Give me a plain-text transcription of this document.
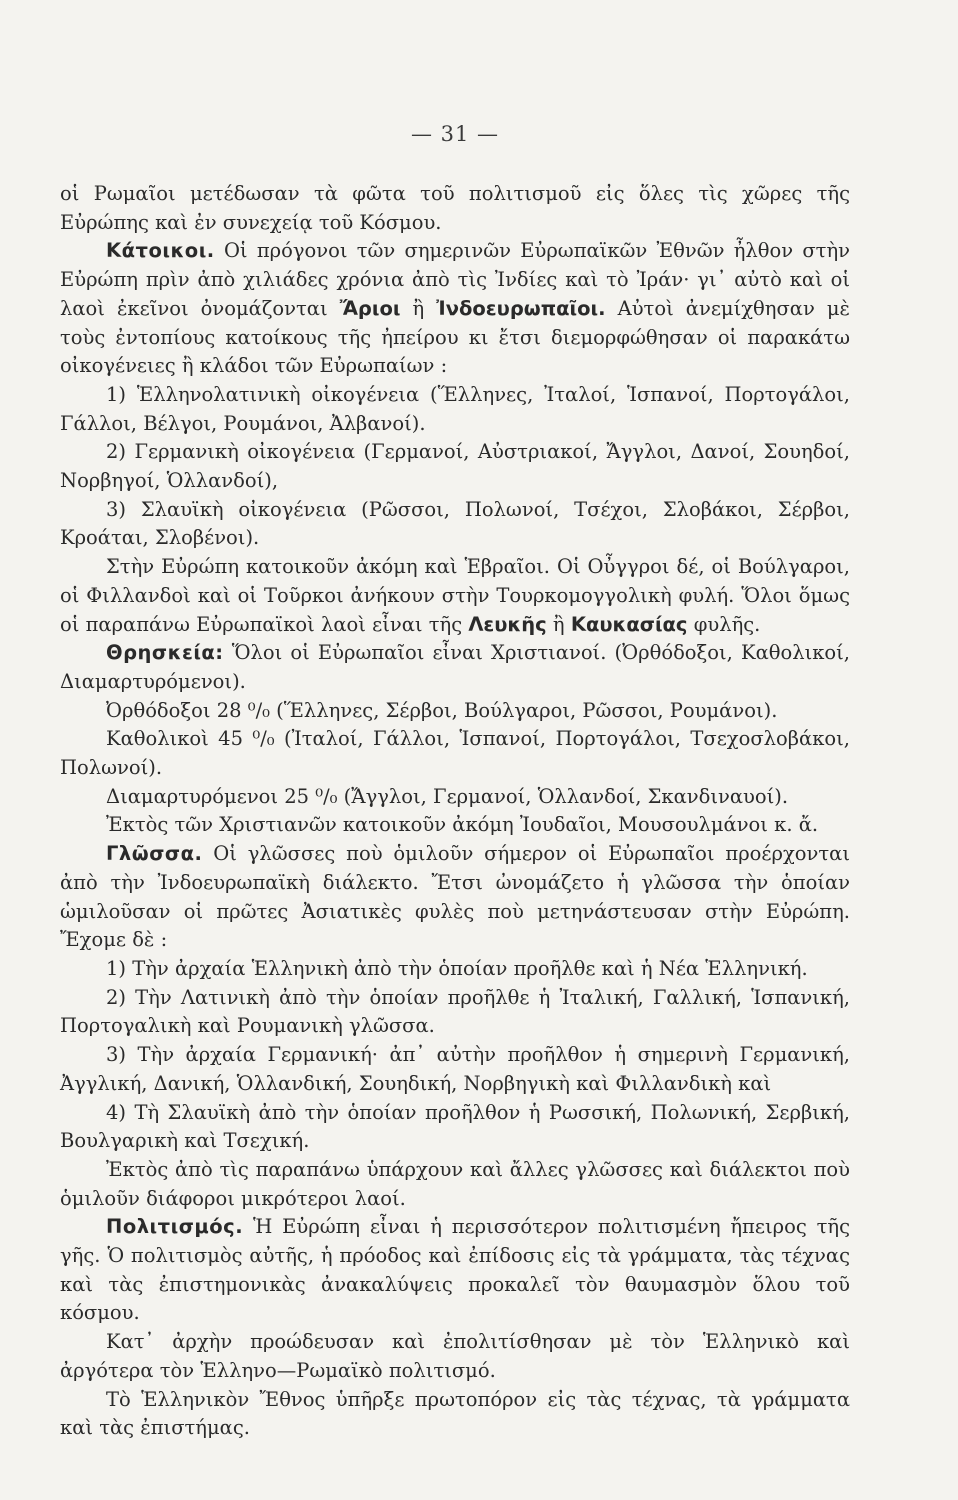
— 31 —

οἱ Ρωμαῖοι μετέδωσαν τὰ φῶτα τοῦ πολιτισμοῦ εἰς ὅλες τὶς χῶρες τῆς Εὐρώπης καὶ ἐν συνεχείᾳ τοῦ Κόσμου.

Κάτοικοι. Οἱ πρόγονοι τῶν σημερινῶν Εὐρωπαϊκῶν Ἐθνῶν ἦλθον στὴν Εὐρώπη πρὶν ἀπὸ χιλιάδες χρόνια ἀπὸ τὶς Ἰνδίες καὶ τὸ Ἰράν· γι᾽ αὐτὸ καὶ οἱ λαοὶ ἐκεῖνοι ὀνομάζονται Ἄριοι ἢ Ἰνδοευρωπαῖοι. Αὐτοὶ ἀνεμίχθησαν μὲ τοὺς ἐντοπίους κατοίκους τῆς ἠπείρου κι ἔτσι διεμορφώθησαν οἱ παρακάτω οἰκογένειες ἢ κλάδοι τῶν Εὐρωπαίων :

1) Ἑλληνολατινικὴ οἰκογένεια (Ἕλληνες, Ἰταλοί, Ἱσπανοί, Πορτογάλοι, Γάλλοι, Βέλγοι, Ρουμάνοι, Ἀλβανοί).

2) Γερμανικὴ οἰκογένεια (Γερμανοί, Αὐστριακοί, Ἄγγλοι, Δανοί, Σουηδοί, Νορβηγοί, Ὁλλανδοί),

3) Σλαυϊκὴ οἰκογένεια (Ρῶσσοι, Πολωνοί, Τσέχοι, Σλοβάκοι, Σέρβοι, Κροάται, Σλοβένοι).

Στὴν Εὐρώπη κατοικοῦν ἀκόμη καὶ Ἑβραῖοι. Οἱ Οὖγγροι δέ, οἱ Βούλγαροι, οἱ Φιλλανδοὶ καὶ οἱ Τοῦρκοι ἀνήκουν στὴν Τουρκομογγολικὴ φυλή. Ὅλοι ὅμως οἱ παραπάνω Εὐρωπαϊκοὶ λαοὶ εἶναι τῆς Λευκῆς ἢ Καυκασίας φυλῆς.

Θρησκεία: Ὅλοι οἱ Εὐρωπαῖοι εἶναι Χριστιανοί. (Ὀρθόδοξοι, Καθολικοί, Διαμαρτυρόμενοι).

Ὀρθόδοξοι 28 ⁰/₀ (Ἕλληνες, Σέρβοι, Βούλγαροι, Ρῶσσοι, Ρουμάνοι).

Καθολικοὶ 45 ⁰/₀ (Ἰταλοί, Γάλλοι, Ἱσπανοί, Πορτογάλοι, Τσεχοσλοβάκοι, Πολωνοί).

Διαμαρτυρόμενοι 25 ⁰/₀ (Ἄγγλοι, Γερμανοί, Ὁλλανδοί, Σκανδιναυοί).

Ἐκτὸς τῶν Χριστιανῶν κατοικοῦν ἀκόμη Ἰουδαῖοι, Μουσουλμάνοι κ. ἄ.

Γλῶσσα. Οἱ γλῶσσες ποὺ ὁμιλοῦν σήμερον οἱ Εὐρωπαῖοι προέρχονται ἀπὸ τὴν Ἰνδοευρωπαϊκὴ διάλεκτο. Ἔτσι ὠνομάζετο ἡ γλῶσσα τὴν ὁποίαν ὡμιλοῦσαν οἱ πρῶτες Ἀσιατικὲς φυλὲς ποὺ μετηνάστευσαν στὴν Εὐρώπη. Ἔχομε δὲ :

1) Τὴν ἀρχαία Ἑλληνικὴ ἀπὸ τὴν ὁποίαν προῆλθε καὶ ἡ Νέα Ἑλληνική.

2) Τὴν Λατινικὴ ἀπὸ τὴν ὁποίαν προῆλθε ἡ Ἰταλική, Γαλλική, Ἱσπανική, Πορτογαλικὴ καὶ Ρουμανικὴ γλῶσσα.

3) Τὴν ἀρχαία Γερμανική· ἀπ᾽ αὐτὴν προῆλθον ἡ σημερινὴ Γερμανική, Ἀγγλική, Δανική, Ὁλλανδική, Σουηδική, Νορβηγικὴ καὶ Φιλλανδικὴ καὶ

4) Τὴ Σλαυϊκὴ ἀπὸ τὴν ὁποίαν προῆλθον ἡ Ρωσσική, Πολωνική, Σερβική, Βουλγαρικὴ καὶ Τσεχική.

Ἐκτὸς ἀπὸ τὶς παραπάνω ὑπάρχουν καὶ ἄλλες γλῶσσες καὶ διάλεκτοι ποὺ ὁμιλοῦν διάφοροι μικρότεροι λαοί.

Πολιτισμός. Ἡ Εὐρώπη εἶναι ἡ περισσότερον πολιτισμένη ἤπειρος τῆς γῆς. Ὁ πολιτισμὸς αὐτῆς, ἡ πρόοδος καὶ ἐπίδοσις εἰς τὰ γράμματα, τὰς τέχνας καὶ τὰς ἐπιστημονικὰς ἀνακαλύψεις προκαλεῖ τὸν θαυμασμὸν ὅλου τοῦ κόσμου.

Κατ᾽ ἀρχὴν προώδευσαν καὶ ἐπολιτίσθησαν μὲ τὸν Ἑλληνικὸ καὶ ἀργότερα τὸν Ἑλληνο—Ρωμαϊκὸ πολιτισμό.

Τὸ Ἑλληνικὸν Ἔθνος ὑπῆρξε πρωτοπόρον εἰς τὰς τέχνας, τὰ γράμματα καὶ τὰς ἐπιστήμας.
